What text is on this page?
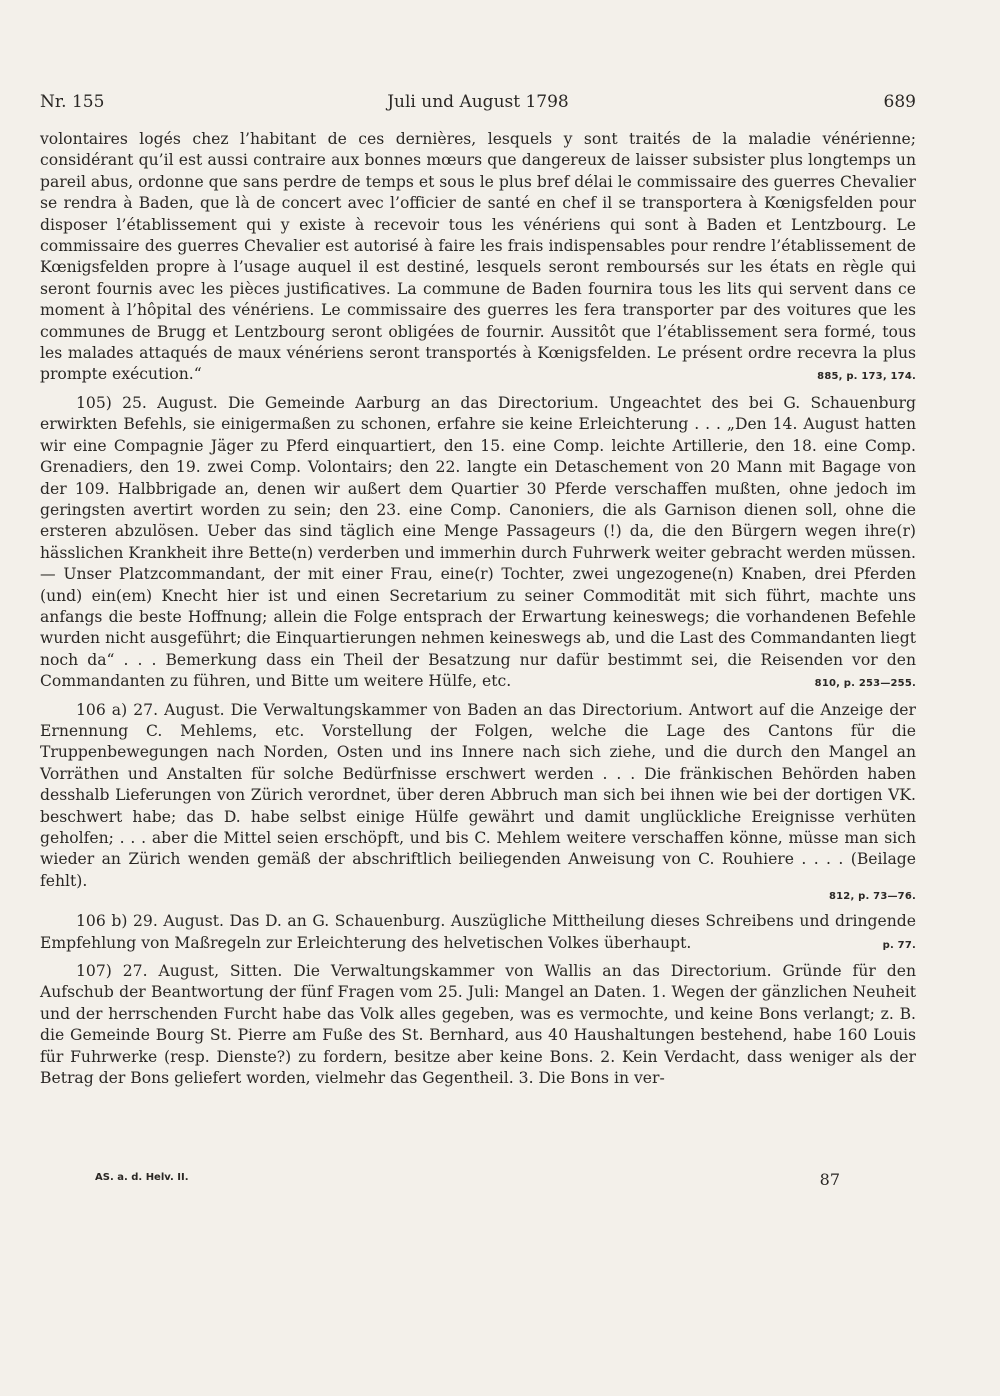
Nr. 155	Juli und August 1798	689

volontaires logés chez l’habitant de ces dernières, lesquels y sont traités de la maladie vénérienne; considérant qu’il est aussi contraire aux bonnes mœurs que dangereux de laisser subsister plus longtemps un pareil abus, ordonne que sans perdre de temps et sous le plus bref délai le commissaire des guerres Chevalier se rendra à Baden, que là de concert avec l’officier de santé en chef il se transportera à Kœnigsfelden pour disposer l’établissement qui y existe à recevoir tous les vénériens qui sont à Baden et Lentzbourg. Le commissaire des guerres Chevalier est autorisé à faire les frais indispensables pour rendre l’établissement de Kœnigsfelden propre à l’usage auquel il est destiné, lesquels seront remboursés sur les états en règle qui seront fournis avec les pièces justificatives. La commune de Baden fournira tous les lits qui servent dans ce moment à l’hôpital des vénériens. Le commissaire des guerres les fera transporter par des voitures que les communes de Brugg et Lentzbourg seront obligées de fournir. Aussitôt que l’établissement sera formé, tous les malades attaqués de maux vénériens seront transportés à Kœnigsfelden. Le présent ordre recevra la plus prompte exécution.“	885, p. 173, 174.

105) 25. August. Die Gemeinde Aarburg an das Directorium. Ungeachtet des bei G. Schauenburg erwirkten Befehls, sie einigermaßen zu schonen, erfahre sie keine Erleichterung . . . „Den 14. August hatten wir eine Compagnie Jäger zu Pferd einquartiert, den 15. eine Comp. leichte Artillerie, den 18. eine Comp. Grenadiers, den 19. zwei Comp. Volontairs; den 22. langte ein Detaschement von 20 Mann mit Bagage von der 109. Halbbrigade an, denen wir außert dem Quartier 30 Pferde verschaffen mußten, ohne jedoch im geringsten avertirt worden zu sein; den 23. eine Comp. Canoniers, die als Garnison dienen soll, ohne die ersteren abzulösen. Ueber das sind täglich eine Menge Passageurs (!) da, die den Bürgern wegen ihre(r) hässlichen Krankheit ihre Bette(n) verderben und immerhin durch Fuhrwerk weiter gebracht werden müssen. — Unser Platzcommandant, der mit einer Frau, eine(r) Tochter, zwei ungezogene(n) Knaben, drei Pferden (und) ein(em) Knecht hier ist und einen Secretarium zu seiner Commodität mit sich führt, machte uns anfangs die beste Hoffnung; allein die Folge entsprach der Erwartung keineswegs; die vorhandenen Befehle wurden nicht ausgeführt; die Einquartierungen nehmen keineswegs ab, und die Last des Commandanten liegt noch da“ . . . Bemerkung dass ein Theil der Besatzung nur dafür bestimmt sei, die Reisenden vor den Commandanten zu führen, und Bitte um weitere Hülfe, etc.	810, p. 253—255.

106 a) 27. August. Die Verwaltungskammer von Baden an das Directorium. Antwort auf die Anzeige der Ernennung C. Mehlems, etc. Vorstellung der Folgen, welche die Lage des Cantons für die Truppenbewegungen nach Norden, Osten und ins Innere nach sich ziehe, und die durch den Mangel an Vorräthen und Anstalten für solche Bedürfnisse erschwert werden . . . Die fränkischen Behörden haben desshalb Lieferungen von Zürich verordnet, über deren Abbruch man sich bei ihnen wie bei der dortigen VK. beschwert habe; das D. habe selbst einige Hülfe gewährt und damit unglückliche Ereignisse verhüten geholfen; . . . aber die Mittel seien erschöpft, und bis C. Mehlem weitere verschaffen könne, müsse man sich wieder an Zürich wenden gemäß der abschriftlich beiliegenden Anweisung von C. Rouhiere . . . . (Beilage fehlt).

812, p. 73—76.

106 b) 29. August. Das D. an G. Schauenburg. Auszügliche Mittheilung dieses Schreibens und dringende Empfehlung von Maßregeln zur Erleichterung des helvetischen Volkes überhaupt.	p. 77.

107) 27. August, Sitten. Die Verwaltungskammer von Wallis an das Directorium. Gründe für den Aufschub der Beantwortung der fünf Fragen vom 25. Juli: Mangel an Daten. 1. Wegen der gänzlichen Neuheit und der herrschenden Furcht habe das Volk alles gegeben, was es vermochte, und keine Bons verlangt; z. B. die Gemeinde Bourg St. Pierre am Fuße des St. Bernhard, aus 40 Haushaltungen bestehend, habe 160 Louis für Fuhrwerke (resp. Dienste?) zu fordern, besitze aber keine Bons. 2. Kein Verdacht, dass weniger als der Betrag der Bons geliefert worden, vielmehr das Gegentheil. 3. Die Bons in ver-

AS. a. d. Helv. II.	87
